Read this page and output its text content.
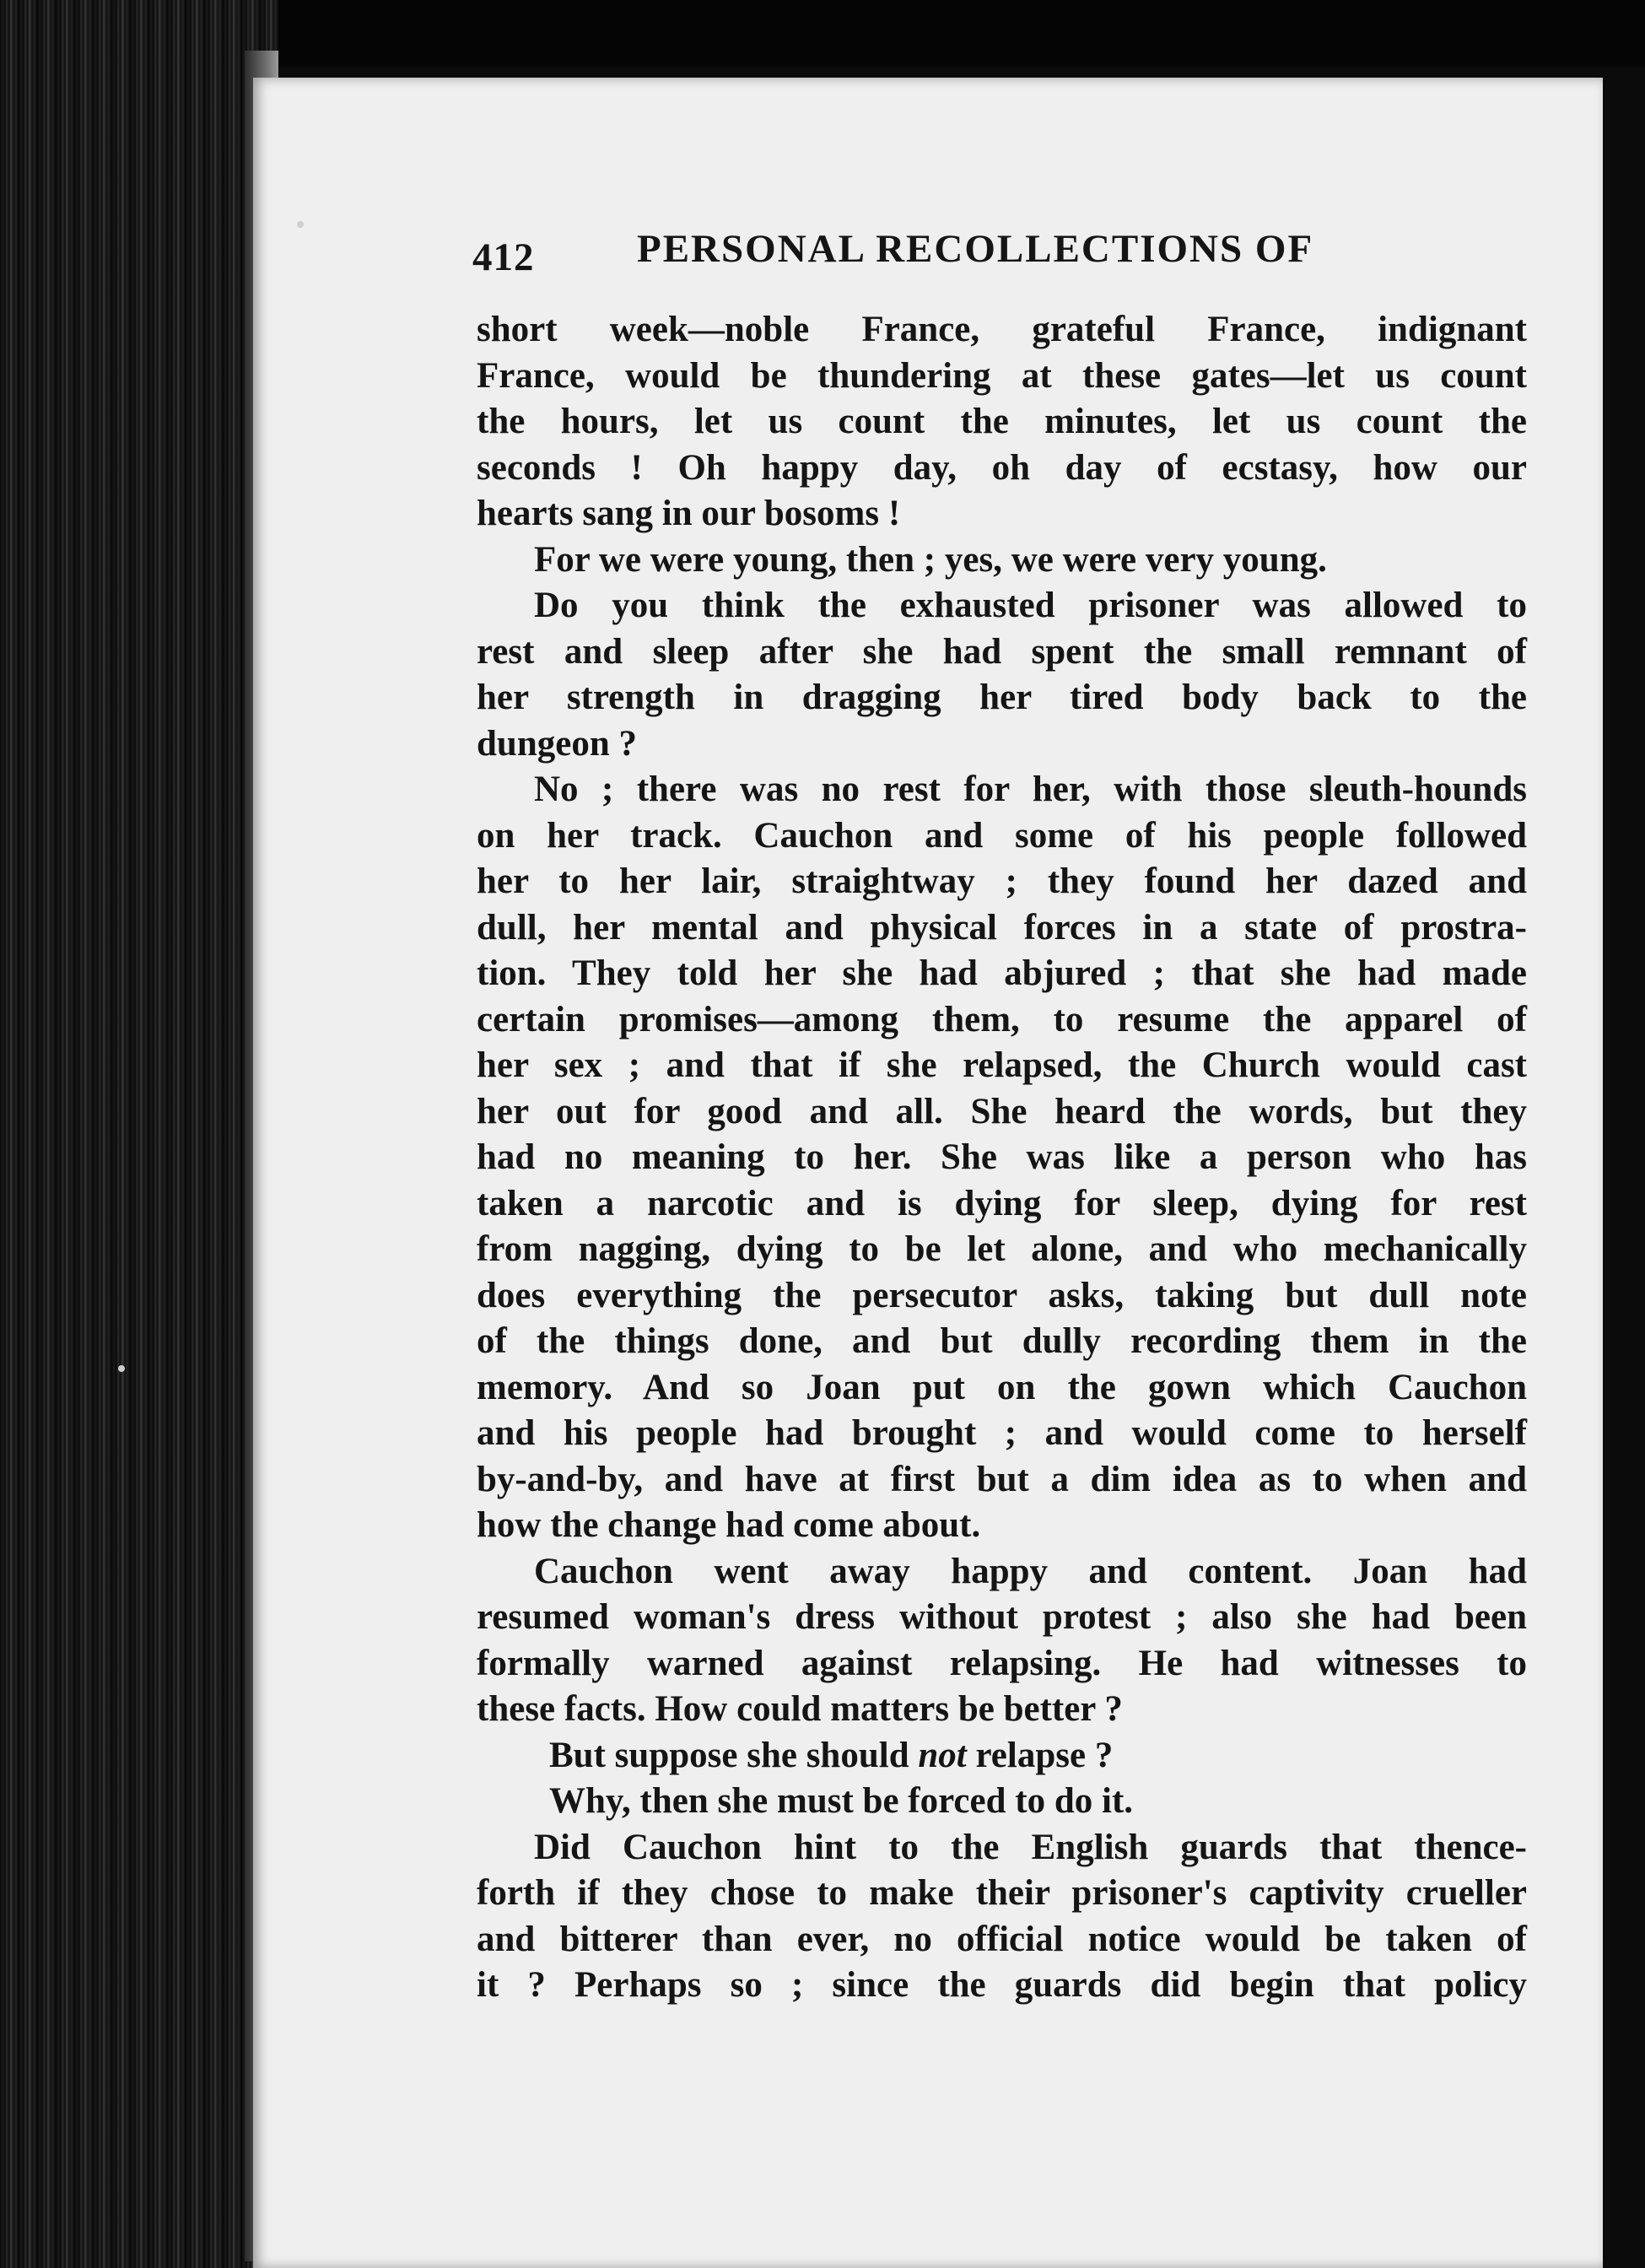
412	PERSONAL RECOLLECTIONS OF
short week—noble France, grateful France, indignant
France, would be thundering at these gates—let us count
the hours, let us count the minutes, let us count the
seconds ! Oh happy day, oh day of ecstasy, how our
hearts sang in our bosoms !
For we were young, then ; yes, we were very young.
Do you think the exhausted prisoner was allowed to
rest and sleep after she had spent the small remnant of
her strength in dragging her tired body back to the
dungeon ?
No ; there was no rest for her, with those sleuth-hounds
on her track. Cauchon and some of his people followed
her to her lair, straightway ; they found her dazed and
dull, her mental and physical forces in a state of prostra-
tion. They told her she had abjured ; that she had made
certain promises—among them, to resume the apparel of
her sex ; and that if she relapsed, the Church would cast
her out for good and all. She heard the words, but they
had no meaning to her. She was like a person who has
taken a narcotic and is dying for sleep, dying for rest
from nagging, dying to be let alone, and who mechanically
does everything the persecutor asks, taking but dull note
of the things done, and but dully recording them in the
memory. And so Joan put on the gown which Cauchon
and his people had brought ; and would come to herself
by-and-by, and have at first but a dim idea as to when and
how the change had come about.
Cauchon went away happy and content. Joan had
resumed woman's dress without protest ; also she had been
formally warned against relapsing. He had witnesses to
these facts. How could matters be better ?
But suppose she should not relapse ?
Why, then she must be forced to do it.
Did Cauchon hint to the English guards that thence-
forth if they chose to make their prisoner's captivity crueller
and bitterer than ever, no official notice would be taken of
it ? Perhaps so ; since the guards did begin that policy
